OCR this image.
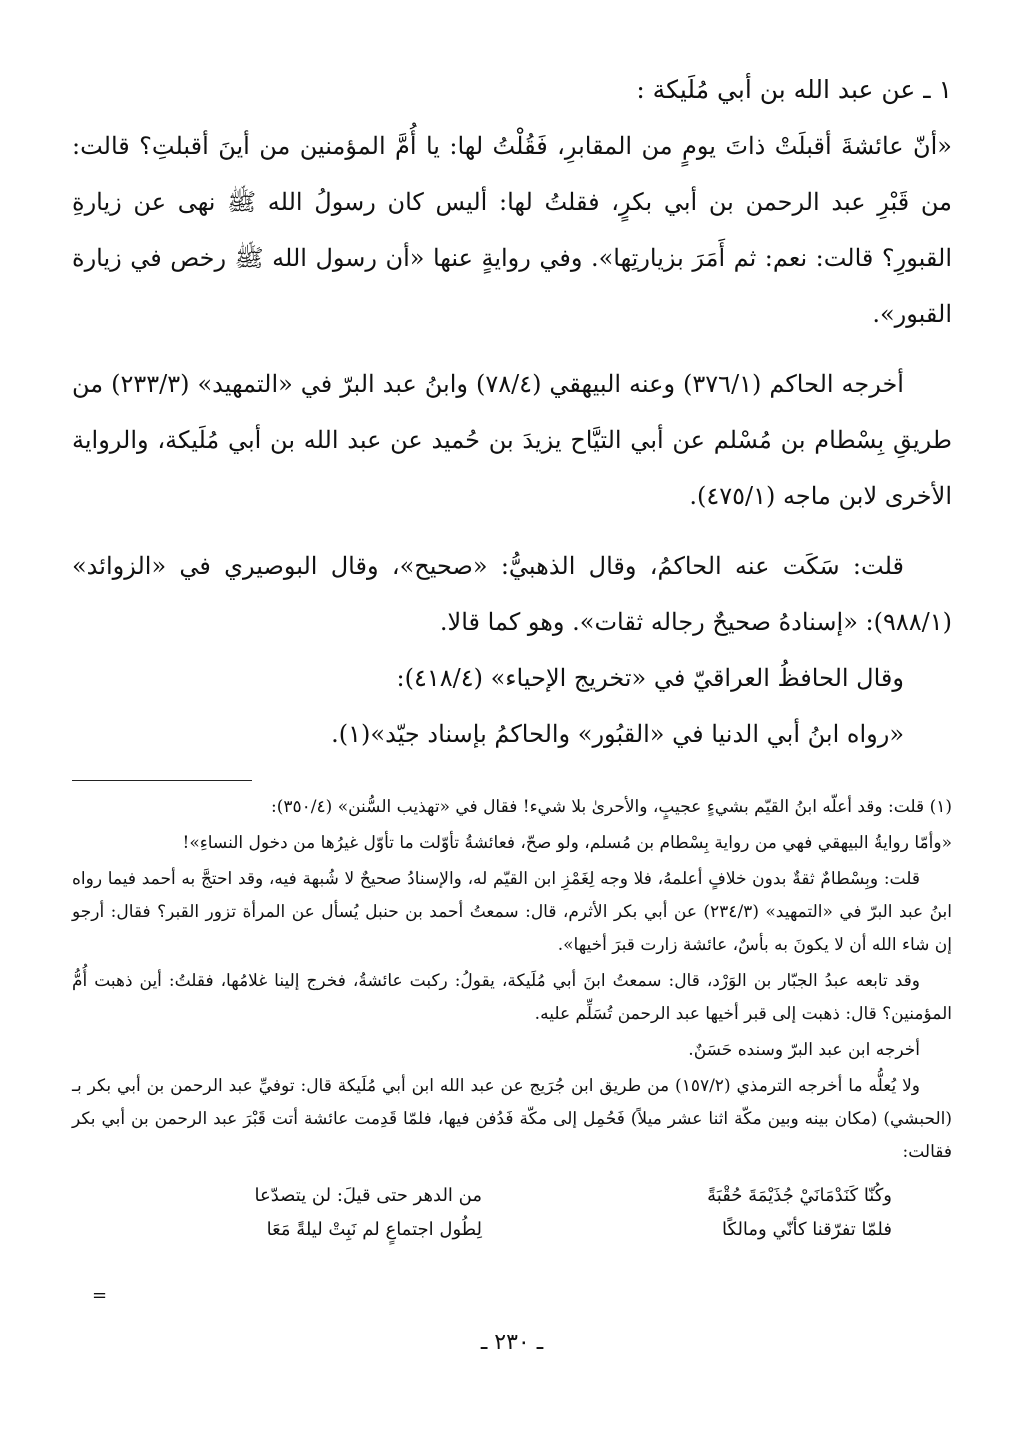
١ ـ عن عبد الله بن أبي مُلَيكة :

«أنّ عائشةَ أقبلَتْ ذاتَ يومٍ من المقابرِ، فَقُلْتُ لها: يا أُمَّ المؤمنين من أينَ أقبلتِ؟ قالت: من قَبْرِ عبد الرحمن بن أبي بكرٍ، فقلتُ لها: أليس كان رسولُ الله ﷺ نهى عن زيارةِ القبورِ؟ قالت: نعم: ثم أَمَرَ بزيارتِها». وفي روايةٍ عنها «أن رسول الله ﷺ رخص في زيارة القبور».

أخرجه الحاكم (٣٧٦/١) وعنه البيهقي (٧٨/٤) وابنُ عبد البرّ في «التمهيد» (٢٣٣/٣) من طريقِ بِسْطام بن مُسْلم عن أبي التيَّاح يزيدَ بن حُميد عن عبد الله بن أبي مُلَيكة، والرواية الأخرى لابن ماجه (٤٧٥/١).

قلت: سَكَت عنه الحاكمُ، وقال الذهبيُّ: «صحيح»، وقال البوصيري في «الزوائد» (٩٨٨/١): «إسنادهُ صحيحٌ رجاله ثقات». وهو كما قالا.

وقال الحافظُ العراقيّ في «تخريج الإحياء» (٤١٨/٤):

«رواه ابنُ أبي الدنيا في «القبُور» والحاكمُ بإسناد جيّد»(١).

(١) قلت: وقد أعلّه ابنُ القيّم بشيءٍ عجيبٍ، والأحرىٰ بلا شيء! فقال في «تهذيب السُّنن» (٣٥٠/٤):

«وأمّا روايةُ البيهقي فهي من رواية بِسْطام بن مُسلم، ولو صحّ، فعائشةُ تأوّلت ما تأوّل غيرُها من دخول النساءِ»!

قلت: وبِسْطامٌ ثقةٌ بدون خلافٍ أعلمهُ، فلا وجه لِغَمْزِ ابن القيّم له، والإسنادُ صحيحٌ لا شُبهة فيه، وقد احتجَّ به أحمد فيما رواه ابنُ عبد البرّ في «التمهيد» (٢٣٤/٣) عن أبي بكر الأثرم، قال: سمعتُ أحمد بن حنبل يُسأل عن المرأة تزور القبر؟ فقال: أرجو إن شاء الله أن لا يكونَ به بأسٌ، عائشة زارت قبرَ أخيها».

وقد تابعه عبدُ الجبّار بن الوَرْد، قال: سمعتُ ابنَ أبي مُلَيكة، يقولُ: ركبت عائشةُ، فخرج إلينا غلامُها، فقلتُ: أين ذهبت أُمُّ المؤمنين؟ قال: ذهبت إلى قبر أخيها عبد الرحمن تُسَلِّم عليه.

أخرجه ابن عبد البرّ وسنده حَسَنٌ.

ولا يُعلُّه ما أخرجه الترمذي (١٥٧/٢) من طريق ابن جُرَيج عن عبد الله ابن أبي مُلَيكة قال: توفيِّ عبد الرحمن بن أبي بكر بـ (الحبشي) (مكان بينه وبين مكّة اثنا عشر ميلاً) فَحُمِل إلى مكّة فَدُفن فيها، فلمّا قَدِمت عائشة أتت قَبْرَ عبد الرحمن بن أبي بكر فقالت:

وكُنّا كَنَدْمَانَيْ جُذَيْمَةَ حُقْبَةً
من الدهر حتى قيلَ: لن يتصدّعا
فلمّا تفرّقنا كأنّي ومالكًا
لِطُول اجتماعٍ لم نَبِتْ ليلةً مَعَا
=
ـ ٢٣٠ ـ
